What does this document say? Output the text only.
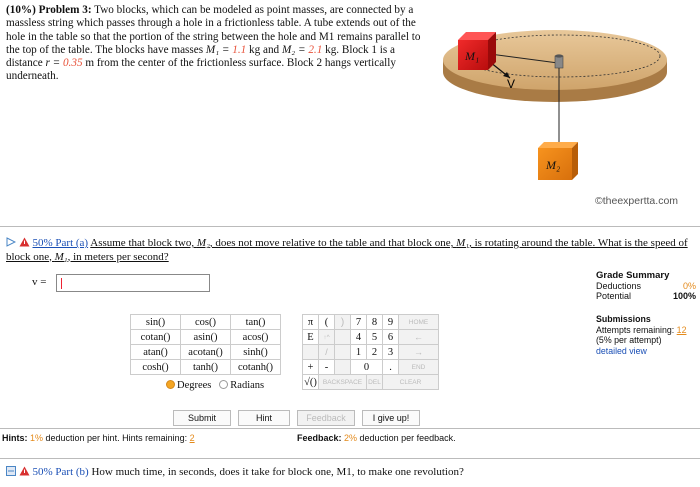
(10%) Problem 3: Two blocks, which can be modeled as point masses, are connected by a massless string which passes through a hole in a frictionless table. A tube extends out of the hole in the table so that the portion of the string between the hole and M1 remains parallel to the top of the table. The blocks have masses M₁ = 1.1 kg and M₂ = 2.1 kg. Block 1 is a distance r = 0.35 m from the center of the frictionless surface. Block 2 hangs vertically underneath.
V
M₁
M₂
©theexpertta.com
50% Part (a) Assume that block two, M₂, does not move relative to the table and that block one, M₁, is rotating around the table. What is the speed of block one, M₁, in meters per second?
v =
sin()	cos()	tan()
cotan()	asin()	acos()
atan()	acotan()	sinh()
cosh()	tanh()	cotanh()
π	(	)	7	8	9	HOME
E	↑^		4	5	6	←
	/		1	2	3	→
+	-		0		.	END
√()	BACKSPACE			DEL	CLEAR	
Degrees Radians
Submit	Hint	Feedback	I give up!
Grade Summary
Deductions	0%
Potential	100%
Submissions
Attempts remaining: 12
(5% per attempt)
detailed view
Hints: 1% deduction per hint. Hints remaining: 2	Feedback: 2% deduction per feedback.
50% Part (b) How much time, in seconds, does it take for block one, M1, to make one revolution?
